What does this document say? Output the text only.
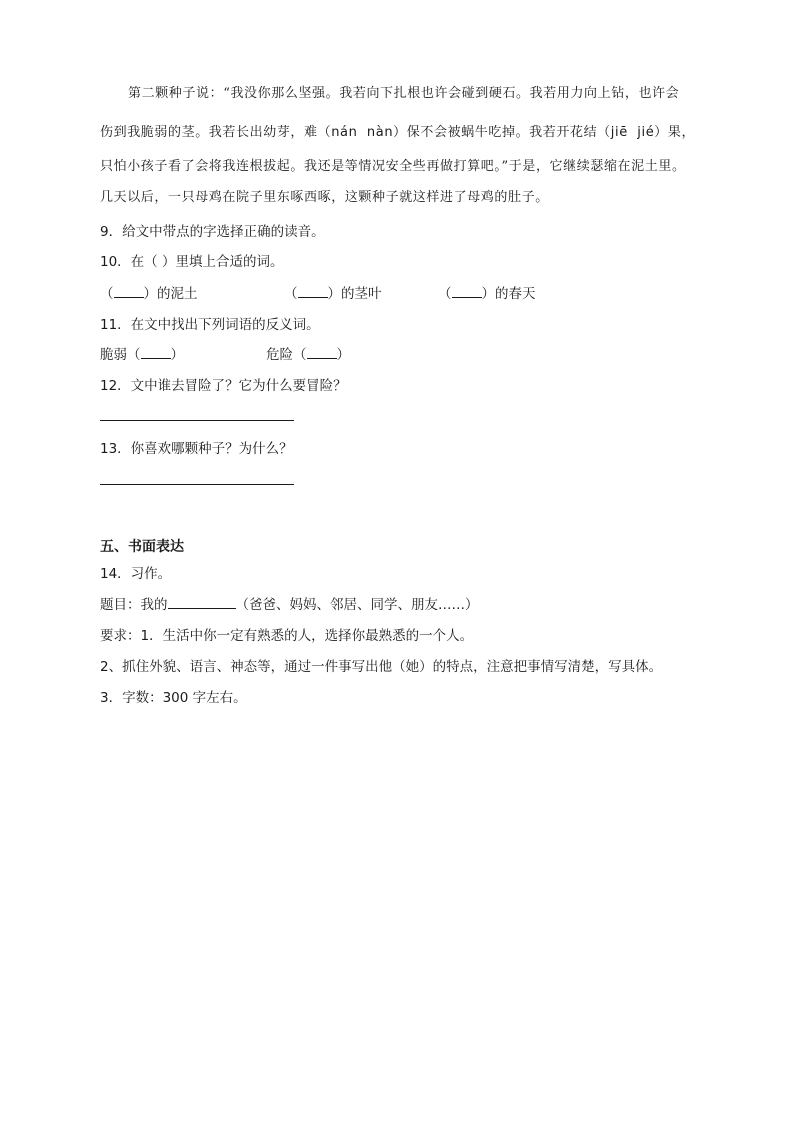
第二颗种子说：“我没你那么坚强。我若向下扎根也许会碰到硬石。我若用力向上钻，也许会
伤到我脆弱的茎。我若长出幼芽，难（nán  nàn）保不会被蜗牛吃掉。我若开花结（jiē  jié）果，
只怕小孩子看了会将我连根拔起。我还是等情况安全些再做打算吧。”于是，它继续瑟缩在泥土里。
几天以后，一只母鸡在院子里东啄西啄，这颗种子就这样进了母鸡的肚子。
9．给文中带点的字选择正确的读音。
10．在（ ）里填上合适的词。
（ ）的泥土	（ ）的茎叶	（ ）的春天
11．在文中找出下列词语的反义词。
脆弱（ ）	危险（ ）
12．文中谁去冒险了？它为什么要冒险？
13．你喜欢哪颗种子？为什么？
五、书面表达
14．习作。
题目：我的	（爸爸、妈妈、邻居、同学、朋友……）
要求：1．生活中你一定有熟悉的人，选择你最熟悉的一个人。
2、抓住外貌、语言、神态等，通过一件事写出他（她）的特点，注意把事情写清楚，写具体。
3．字数：300 字左右。
